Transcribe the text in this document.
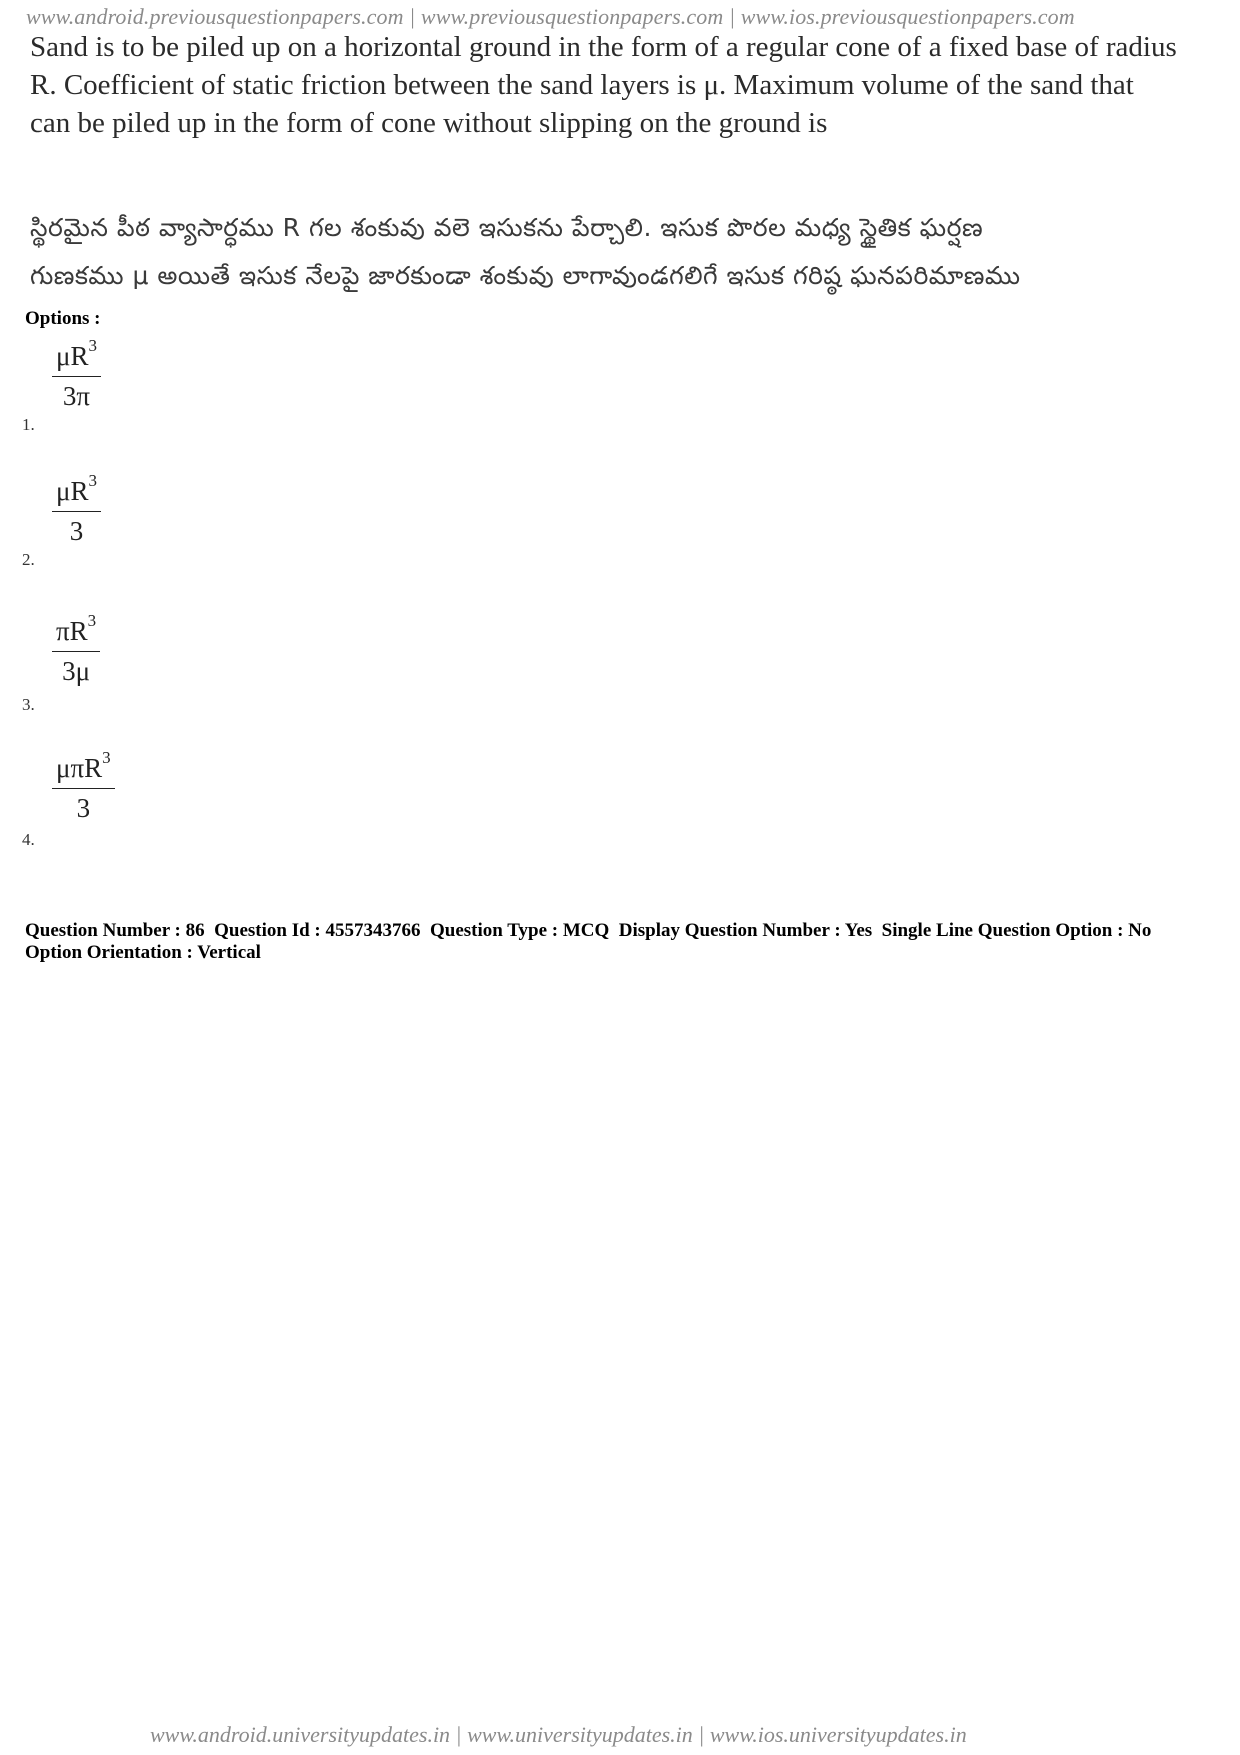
www.android.previousquestionpapers.com | www.previousquestionpapers.com | www.ios.previousquestionpapers.com
Sand is to be piled up on a horizontal ground in the form of a regular cone of a fixed base of radius R. Coefficient of static friction between the sand layers is μ. Maximum volume of the sand that can be piled up in the form of cone without slipping on the ground is
స్థిరమైన పీఠ వ్యాసార్ధము R గల శంకువు వలె ఇసుకను పేర్చాలి. ఇసుక పొరల మధ్య స్థైతిక ఘర్షణ
గుణకము μ అయితే ఇసుక నేలపై జారకుండా శంకువు లాగావుండగలిగే ఇసుక గరిష్ఠ ఘనపరిమాణము
Options :
1.
$\mu R^3$
3π
2.
$\mu R^3$
3
3.
$\pi R^3$
3μ
4.
μπR$^3$
3
Question Number : 86  Question Id : 4557343766  Question Type : MCQ  Display Question Number : Yes  Single Line Question Option : No  Option Orientation : Vertical
www.android.universityupdates.in | www.universityupdates.in | www.ios.universityupdates.in
